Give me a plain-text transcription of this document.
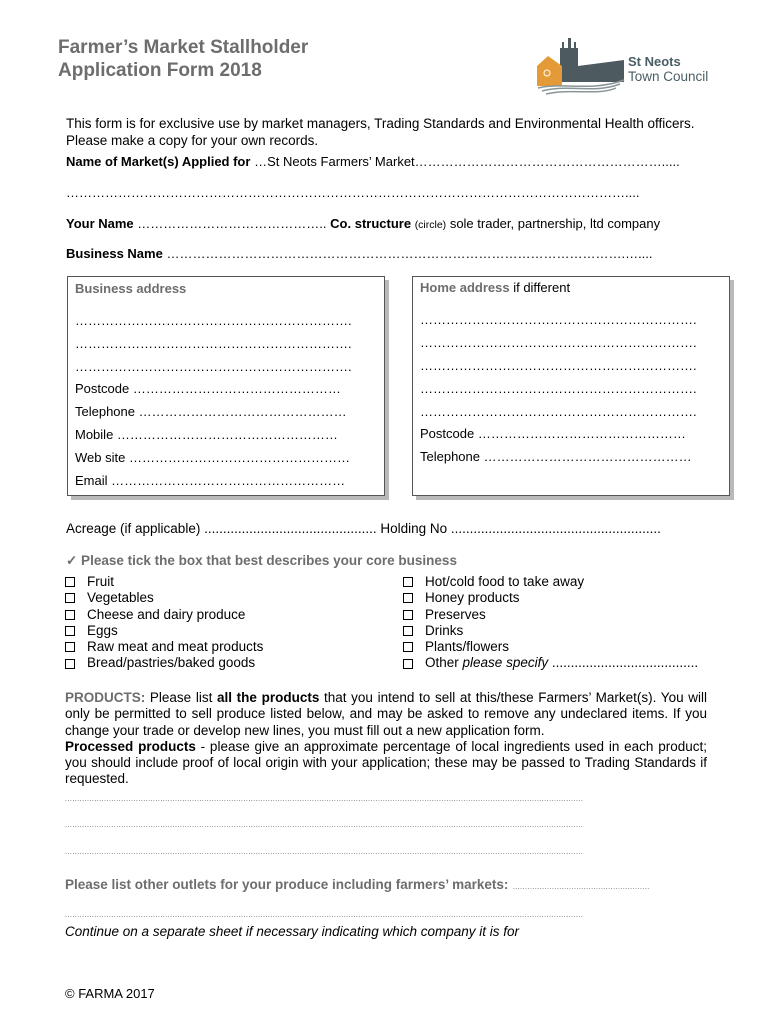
Farmer’s Market Stallholder
Application Form 2018	St Neots
Town Council
This form is for exclusive use by market managers, Trading Standards and Environmental Health officers. Please make a copy for your own records.
Name of Market(s) Applied for …St Neots Farmers’ Market………………………………………………….....
…………………………………………………………………………………………………………………....
Your Name …………………………………….. Co. structure (circle) sole trader, partnership, ltd company
Business Name …………………………………………………………………………………………….…....
Business address
……………………………………………………….
……………………………………………………….
……………………………………………………….
Postcode …………………………………………
Telephone …………………………………………
Mobile ……………………………………………
Web site ……………………………………………
Email ………………………………………………
Home address if different
……………………………………………………….
……………………………………………………….
……………………………………………………….
……………………………………………………….
……………………………………………………….
Postcode …………………………………………
Telephone …………………………………………
Acreage (if applicable) .............................................. Holding No ........................................................
✓ Please tick the box that best describes your core business
Fruit
Vegetables
Cheese and dairy produce
Eggs
Raw meat and meat products
Bread/pastries/baked goods
Hot/cold food to take away
Honey products
Preserves
Drinks
Plants/flowers
Other
please specify
.......................................
PRODUCTS: Please list all the products that you intend to sell at this/these Farmers’ Market(s). You will only be permitted to sell produce listed below, and may be asked to remove any undeclared items. If you change your trade or develop new lines, you must fill out a new application form.
Processed products - please give an approximate percentage of local ingredients used in each product; you should include proof of local origin with your application; these may be passed to Trading Standards if requested.
....................................................................................................................................................................................................................
....................................................................................................................................................................................................................
....................................................................................................................................................................................................................
Please list other outlets for your produce including farmers’ markets: ........................................................
....................................................................................................................................................................................................................
Continue on a separate sheet if necessary indicating which company it is for
© FARMA 2017
